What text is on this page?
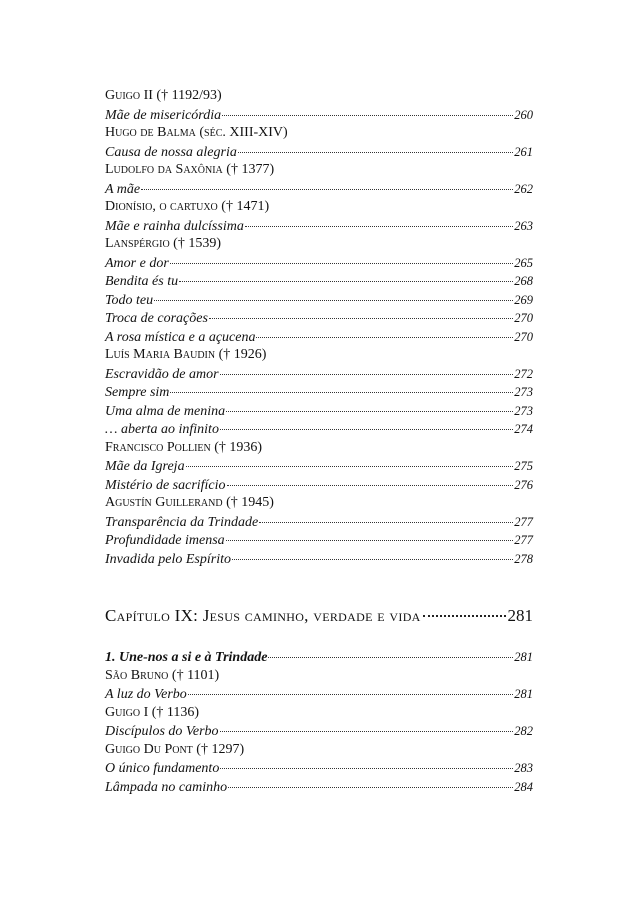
Guigo II († 1192/93)
Mãe de misericórdia	260
Hugo de Balma (séc. XIII-XIV)
Causa de nossa alegria	261
Ludolfo da Saxônia († 1377)
A mãe	262
Dionísio, o cartuxo († 1471)
Mãe e rainha dulcíssima	263
Lanspérgio († 1539)
Amor e dor	265
Bendita és tu	268
Todo teu	269
Troca de corações	270
A rosa mística e a açucena	270
Luís Maria Baudin († 1926)
Escravidão de amor	272
Sempre sim	273
Uma alma de menina	273
… aberta ao infinito	274
Francisco Pollien († 1936)
Mãe da Igreja	275
Mistério de sacrifício	276
Agustín Guillerand († 1945)
Transparência da Trindade	277
Profundidade imensa	277
Invadida pelo Espírito	278
Capítulo IX: Jesus caminho, verdade e vida	281
1. Une-nos a si e à Trindade	281
São Bruno († 1101)
A luz do Verbo	281
Guigo I († 1136)
Discípulos do Verbo	282
Guigo Du Pont († 1297)
O único fundamento	283
Lâmpada no caminho	284
